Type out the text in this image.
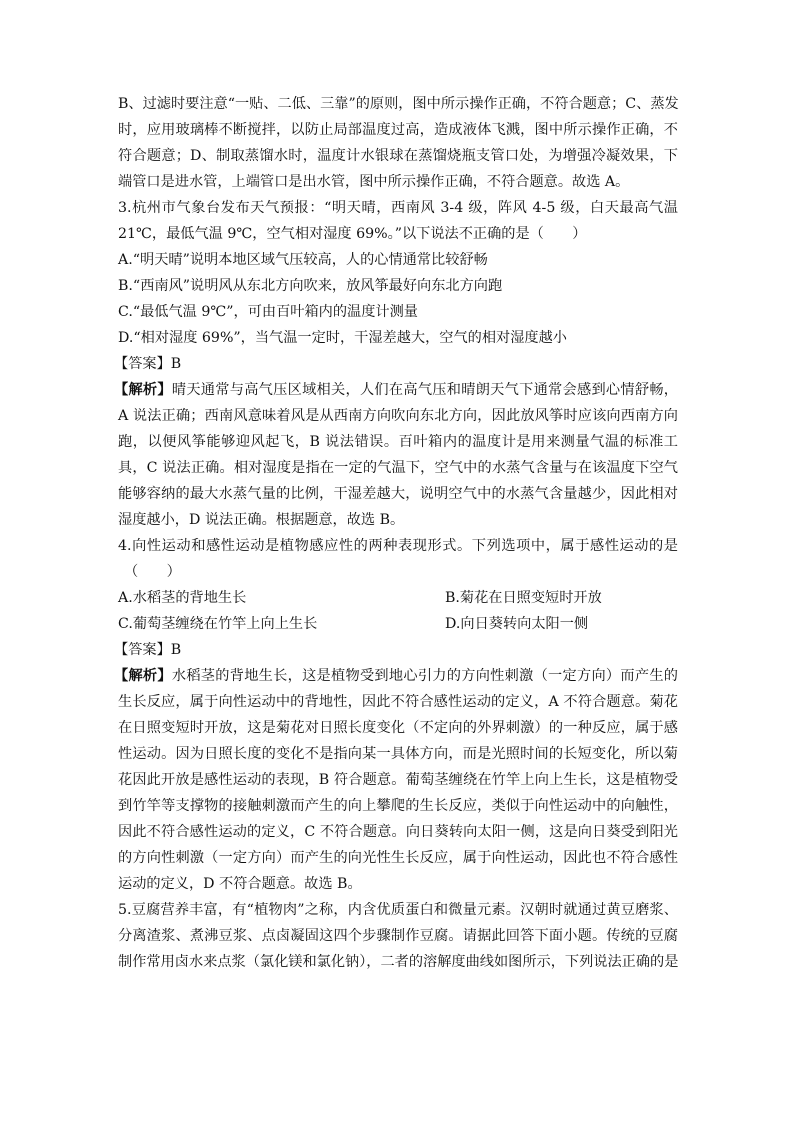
B、过滤时要注意“一贴、二低、三靠”的原则，图中所示操作正确，不符合题意；C、蒸发
时，应用玻璃棒不断搅拌，以防止局部温度过高，造成液体飞溅，图中所示操作正确，不
符合题意；D、制取蒸馏水时，温度计水银球在蒸馏烧瓶支管口处，为增强冷凝效果，下
端管口是进水管，上端管口是出水管，图中所示操作正确，不符合题意。故选 A。
3.杭州市气象台发布天气预报：“明天晴，西南风 3-4 级，阵风 4-5 级，白天最高气温
21℃，最低气温 9℃，空气相对湿度 69%。”以下说法不正确的是（　　）
A.“明天晴”说明本地区域气压较高，人的心情通常比较舒畅
B.“西南风”说明风从东北方向吹来，放风筝最好向东北方向跑
C.“最低气温 9℃”，可由百叶箱内的温度计测量
D.“相对湿度 69%”，当气温一定时，干湿差越大，空气的相对湿度越小
【答案】B
【解析】晴天通常与高气压区域相关，人们在高气压和晴朗天气下通常会感到心情舒畅，
A 说法正确；西南风意味着风是从西南方向吹向东北方向，因此放风筝时应该向西南方向
跑，以便风筝能够迎风起飞，B 说法错误。百叶箱内的温度计是用来测量气温的标准工
具，C 说法正确。相对湿度是指在一定的气温下，空气中的水蒸气含量与在该温度下空气
能够容纳的最大水蒸气量的比例，干湿差越大，说明空气中的水蒸气含量越少，因此相对
湿度越小，D 说法正确。根据题意，故选 B。
4.向性运动和感性运动是植物感应性的两种表现形式。下列选项中，属于感性运动的是
（　　）
A.水稻茎的背地生长	B.菊花在日照变短时开放
C.葡萄茎缠绕在竹竿上向上生长	D.向日葵转向太阳一侧
【答案】B
【解析】水稻茎的背地生长，这是植物受到地心引力的方向性刺激（一定方向）而产生的
生长反应，属于向性运动中的背地性，因此不符合感性运动的定义，A 不符合题意。菊花
在日照变短时开放，这是菊花对日照长度变化（不定向的外界刺激）的一种反应，属于感
性运动。因为日照长度的变化不是指向某一具体方向，而是光照时间的长短变化，所以菊
花因此开放是感性运动的表现，B 符合题意。葡萄茎缠绕在竹竿上向上生长，这是植物受
到竹竿等支撑物的接触刺激而产生的向上攀爬的生长反应，类似于向性运动中的向触性，
因此不符合感性运动的定义，C 不符合题意。向日葵转向太阳一侧，这是向日葵受到阳光
的方向性刺激（一定方向）而产生的向光性生长反应，属于向性运动，因此也不符合感性
运动的定义，D 不符合题意。故选 B。
5.豆腐营养丰富，有“植物肉”之称，内含优质蛋白和微量元素。汉朝时就通过黄豆磨浆、
分离渣浆、煮沸豆浆、点卤凝固这四个步骤制作豆腐。请据此回答下面小题。传统的豆腐
制作常用卤水来点浆（氯化镁和氯化钠），二者的溶解度曲线如图所示，下列说法正确的是
